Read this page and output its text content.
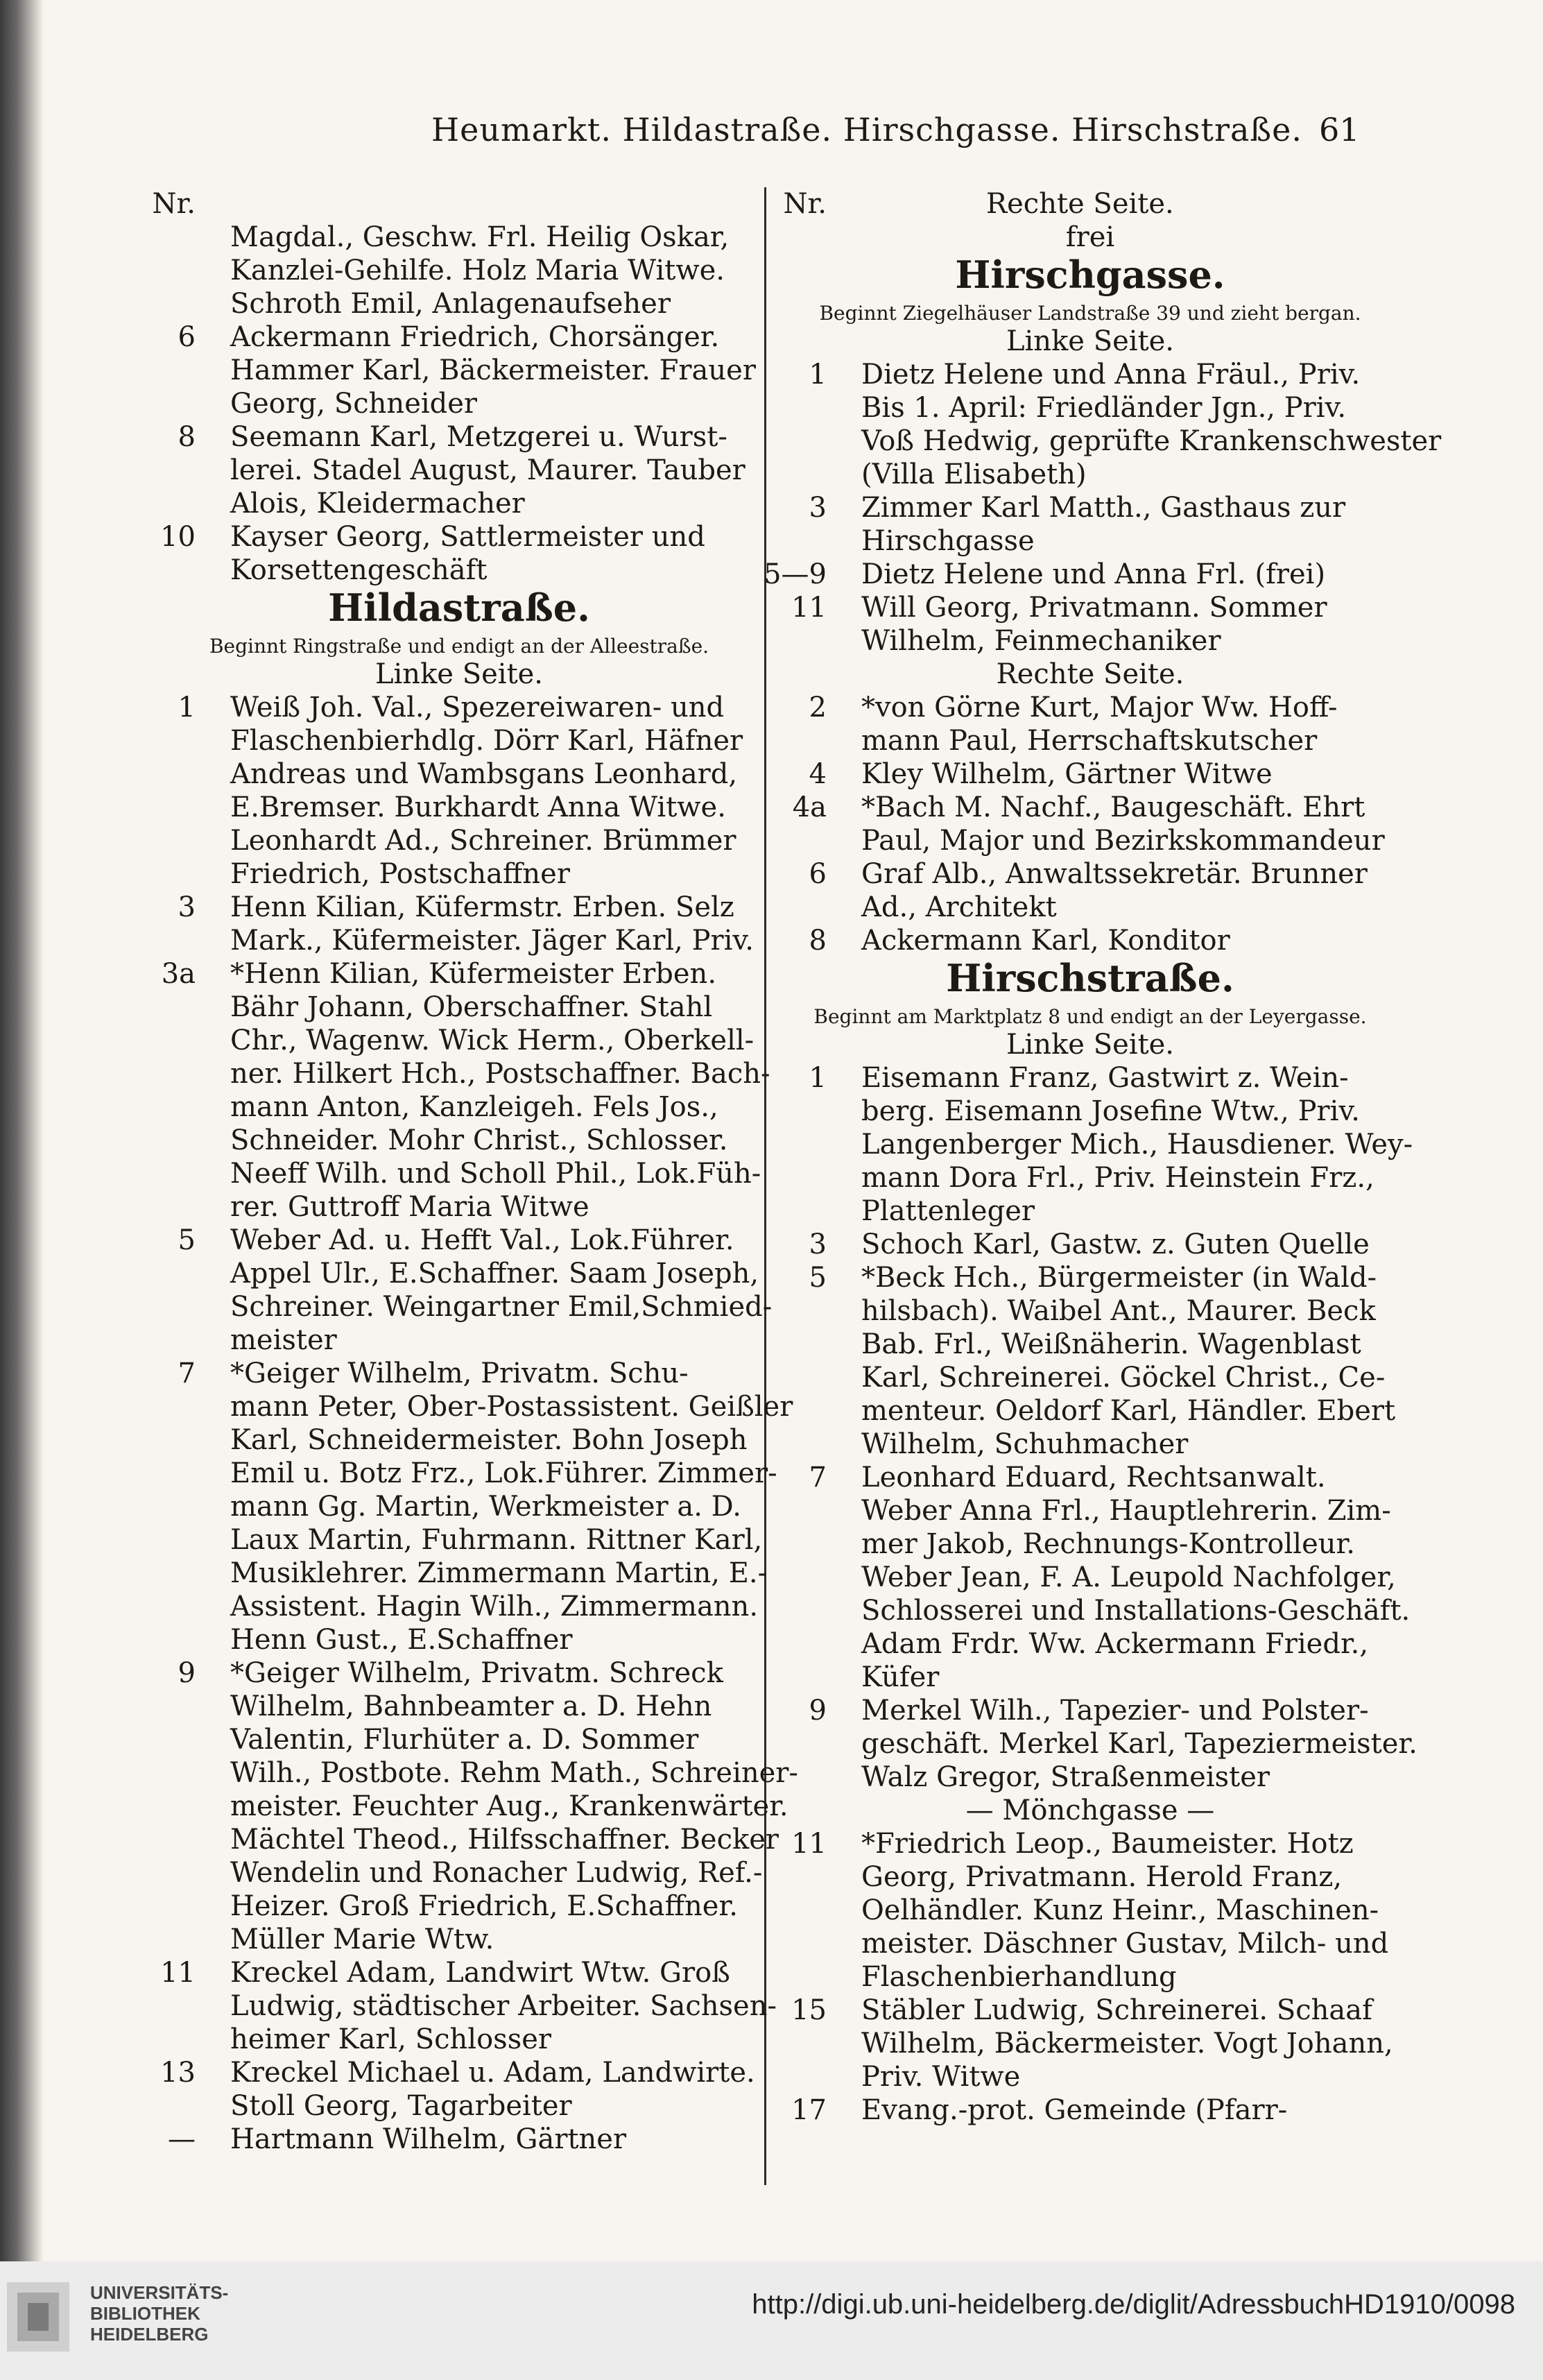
Heumarkt. Hildastraße. Hirschgasse. Hirschstraße. 61
Nr.
Magdal., Geschw. Frl. Heilig Oskar,
Kanzlei-Gehilfe. Holz Maria Witwe.
Schroth Emil, Anlagenaufseher
6 Ackermann Friedrich, Chorsänger.
Hammer Karl, Bäckermeister. Frauer
Georg, Schneider
8 Seemann Karl, Metzgerei u. Wurst-
lerei. Stadel August, Maurer. Tauber
Alois, Kleidermacher
10 Kayser Georg, Sattlermeister und
Korsettengeschäft
Hildastraße.
Beginnt Ringstraße und endigt an der Alleestraße.
Linke Seite.
1 Weiß Joh. Val., Spezereiwaren- und
Flaschenbierhdlg. Dörr Karl, Häfner
Andreas und Wambsgans Leonhard,
E.Bremser. Burkhardt Anna Witwe.
Leonhardt Ad., Schreiner. Brümmer
Friedrich, Postschaffner
3 Henn Kilian, Küfermstr. Erben. Selz
Mark., Küfermeister. Jäger Karl, Priv.
3a *Henn Kilian, Küfermeister Erben.
Bähr Johann, Oberschaffner. Stahl
Chr., Wagenw. Wick Herm., Oberkell-
ner. Hilkert Hch., Postschaffner. Bach-
mann Anton, Kanzleigeh. Fels Jos.,
Schneider. Mohr Christ., Schlosser.
Neeff Wilh. und Scholl Phil., Lok.Füh-
rer. Guttroff Maria Witwe
5 Weber Ad. u. Hefft Val., Lok.Führer.
Appel Ulr., E.Schaffner. Saam Joseph,
Schreiner. Weingartner Emil,Schmied-
meister
7 *Geiger Wilhelm, Privatm. Schu-
mann Peter, Ober-Postassistent. Geißler
Karl, Schneidermeister. Bohn Joseph
Emil u. Botz Frz., Lok.Führer. Zimmer-
mann Gg. Martin, Werkmeister a. D.
Laux Martin, Fuhrmann. Rittner Karl,
Musiklehrer. Zimmermann Martin, E.-
Assistent. Hagin Wilh., Zimmermann.
Henn Gust., E.Schaffner
9 *Geiger Wilhelm, Privatm. Schreck
Wilhelm, Bahnbeamter a. D. Hehn
Valentin, Flurhüter a. D. Sommer
Wilh., Postbote. Rehm Math., Schreiner-
meister. Feuchter Aug., Krankenwärter.
Mächtel Theod., Hilfsschaffner. Becker
Wendelin und Ronacher Ludwig, Ref.-
Heizer. Groß Friedrich, E.Schaffner.
Müller Marie Wtw.
11 Kreckel Adam, Landwirt Wtw. Groß
Ludwig, städtischer Arbeiter. Sachsen-
heimer Karl, Schlosser
13 Kreckel Michael u. Adam, Landwirte.
Stoll Georg, Tagarbeiter
— Hartmann Wilhelm, Gärtner
Nr.	Rechte Seite.
frei
Hirschgasse.
Beginnt Ziegelhäuser Landstraße 39 und zieht bergan.
Linke Seite.
1 Dietz Helene und Anna Fräul., Priv.
Bis 1. April: Friedländer Jgn., Priv.
Voß Hedwig, geprüfte Krankenschwester
(Villa Elisabeth)
3 Zimmer Karl Matth., Gasthaus zur
Hirschgasse
5—9 Dietz Helene und Anna Frl. (frei)
11 Will Georg, Privatmann. Sommer
Wilhelm, Feinmechaniker
Rechte Seite.
2 *von Görne Kurt, Major Ww. Hoff-
mann Paul, Herrschaftskutscher
4 Kley Wilhelm, Gärtner Witwe
4a *Bach M. Nachf., Baugeschäft. Ehrt
Paul, Major und Bezirkskommandeur
6 Graf Alb., Anwaltssekretär. Brunner
Ad., Architekt
8 Ackermann Karl, Konditor
Hirschstraße.
Beginnt am Marktplatz 8 und endigt an der Leyergasse.
Linke Seite.
1 Eisemann Franz, Gastwirt z. Wein-
berg. Eisemann Josefine Wtw., Priv.
Langenberger Mich., Hausdiener. Wey-
mann Dora Frl., Priv. Heinstein Frz.,
Plattenleger
3 Schoch Karl, Gastw. z. Guten Quelle
5 *Beck Hch., Bürgermeister (in Wald-
hilsbach). Waibel Ant., Maurer. Beck
Bab. Frl., Weißnäherin. Wagenblast
Karl, Schreinerei. Göckel Christ., Ce-
menteur. Oeldorf Karl, Händler. Ebert
Wilhelm, Schuhmacher
7 Leonhard Eduard, Rechtsanwalt.
Weber Anna Frl., Hauptlehrerin. Zim-
mer Jakob, Rechnungs-Kontrolleur.
Weber Jean, F. A. Leupold Nachfolger,
Schlosserei und Installations-Geschäft.
Adam Frdr. Ww. Ackermann Friedr.,
Küfer
9 Merkel Wilh., Tapezier- und Polster-
geschäft. Merkel Karl, Tapeziermeister.
Walz Gregor, Straßenmeister
— Mönchgasse —
11 *Friedrich Leop., Baumeister. Hotz
Georg, Privatmann. Herold Franz,
Oelhändler. Kunz Heinr., Maschinen-
meister. Däschner Gustav, Milch- und
Flaschenbierhandlung
15 Stäbler Ludwig, Schreinerei. Schaaf
Wilhelm, Bäckermeister. Vogt Johann,
Priv. Witwe
17 Evang.-prot. Gemeinde (Pfarr-
UNIVERSITÄTS-
BIBLIOTHEK
HEIDELBERG
http://digi.ub.uni-heidelberg.de/diglit/AdressbuchHD1910/0098
